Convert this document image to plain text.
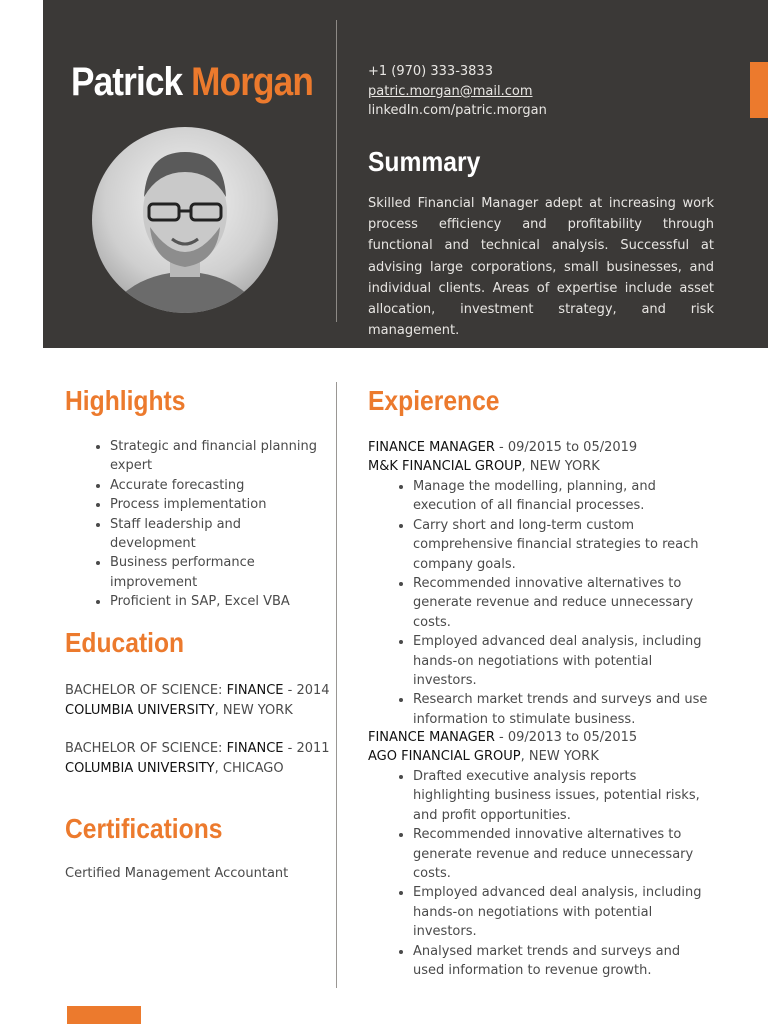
Patrick Morgan	+1 (970) 333-3833
patric.morgan@mail.com
linkedIn.com/patric.morgan
Summary
Skilled Financial Manager adept at increasing work process efficiency and profitability through functional and technical analysis. Successful at advising large corporations, small businesses, and individual clients. Areas of expertise include asset allocation, investment strategy, and risk management.
Highlights
• Strategic and financial planning expert
• Accurate forecasting
• Process implementation
• Staff leadership and development
• Business performance improvement
• Proficient in SAP, Excel VBA
Education
BACHELOR OF SCIENCE: FINANCE - 2014
COLUMBIA UNIVERSITY, NEW YORK
BACHELOR OF SCIENCE: FINANCE - 2011
COLUMBIA UNIVERSITY, CHICAGO
Certifications
Certified Management Accountant
Expierence
FINANCE MANAGER - 09/2015 to 05/2019
M&K FINANCIAL GROUP, NEW YORK
• Manage the modelling, planning, and execution of all financial processes.
• Carry short and long-term custom comprehensive financial strategies to reach company goals.
• Recommended innovative alternatives to generate revenue and reduce unnecessary costs.
• Employed advanced deal analysis, including hands-on negotiations with potential investors.
• Research market trends and surveys and use information to stimulate business.
FINANCE MANAGER - 09/2013 to 05/2015
AGO FINANCIAL GROUP, NEW YORK
• Drafted executive analysis reports highlighting business issues, potential risks, and profit opportunities.
• Recommended innovative alternatives to generate revenue and reduce unnecessary costs.
• Employed advanced deal analysis, including hands-on negotiations with potential investors.
• Analysed market trends and surveys and used information to revenue growth.
